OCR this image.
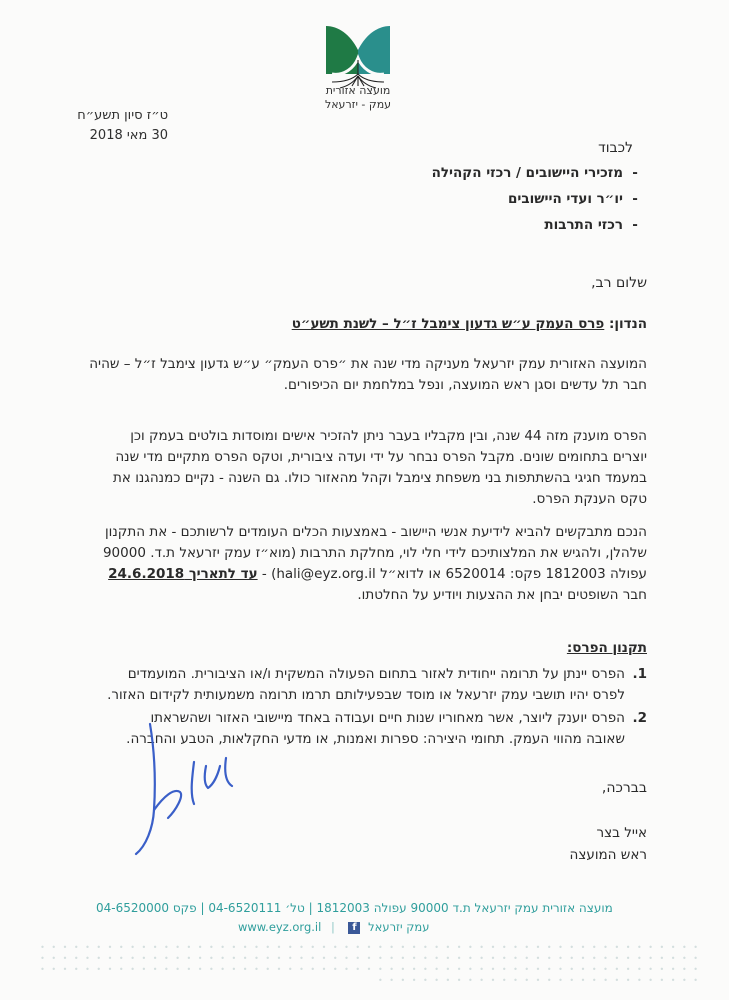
מועצה אזורית
עמק - יזרעאל
ט״ז סיון תשע״ח
30 מאי 2018
לכבוד
-מזכירי היישובים / רכזי הקהילה
-יו״ר ועדי היישובים
-רכזי התרבות
שלום רב,
הנדון: פרס העמק ע״ש גדעון צימבל ז״ל – לשנת תשע״ט
המועצה האזורית עמק יזרעאל מעניקה מדי שנה את ״פרס העמק״ ע״ש גדעון צימבל ז״ל – שהיה
חבר תל עדשים וסגן ראש המועצה, ונפל במלחמת יום הכיפורים.
הפרס מוענק מזה 44 שנה, ובין מקבליו בעבר ניתן להזכיר אישים ומוסדות בולטים בעמק וכן
יוצרים בתחומים שונים. מקבל הפרס נבחר על ידי ועדה ציבורית, וטקס הפרס מתקיים מדי שנה
במעמד חגיגי בהשתתפות בני משפחת צימבל וקהל מהאזור כולו. גם השנה - נקיים כמנהגנו את
טקס הענקת הפרס.
הנכם מתבקשים להביא לידיעת אנשי היישוב - באמצעות הכלים העומדים לרשותכם - את התקנון
שלהלן, ולהגיש את המלצותיכם לידי חלי לוי, מחלקת התרבות (מוא״ז עמק יזרעאל ת.ד. 90000
עפולה 1812003 פקס: 6520014 או לדוא״ל (hali@eyz.org.il - עד לתאריך 24.6.2018
חבר השופטים יבחן את ההצעות ויודיע על החלטתו.
תקנון הפרס:
1.
הפרס יינתן על תרומה ייחודית לאזור בתחום הפעולה המשקית ו/או הציבורית. המועמדים
לפרס יהיו תושבי עמק יזרעאל או מוסד שבפעילותם תרמו תרומה משמעותית לקידום האזור.
2.
הפרס יוענק ליוצר, אשר מאחוריו שנות חיים ועבודה באחד מיישובי האזור ושהשראתו
שאובה מהווי העמק. תחומי היצירה: ספרות ואמנות, או מדעי החקלאות, הטבע והחברה.
בברכה,
אייל בצר
ראש המועצה
מועצה אזורית עמק יזרעאל ת.ד 90000 עפולה 1812003 | טל׳ 04-6520111 | פקס 04-6520000
www.eyz.org.il | f עמק יזרעאל
• • • • • • • • • • • • • • • • • • • • • • • • • • • • • • • • • • • • • • • • • • • • • • • • • • • • • • • • • • • • • • • • • • • • • • • • • • • • • • • • • • • • • • • • • • • • • • • • • • • • • • • • • • • • • • • • • • • • • • • • • • • • • • • • • • • • • • • • • • • • • • • • • • • • • • • • • • • • • • • • • • • • • • • • • • • • • • • • • • • • • • • • • • • • • • • • • • • • • • • • • • • • • •
